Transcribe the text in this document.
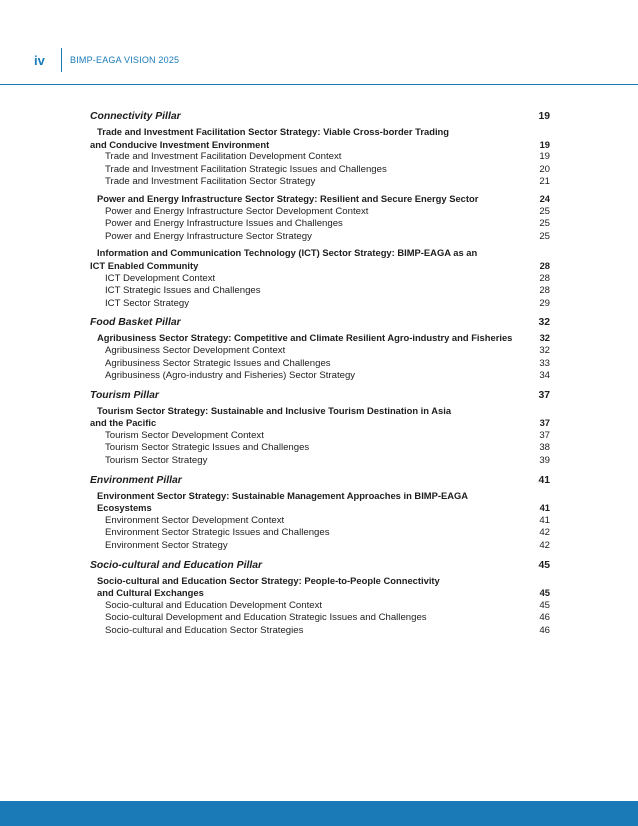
iv	BIMP-EAGA VISION 2025
Connectivity Pillar	19
Trade and Investment Facilitation Sector Strategy: Viable Cross-border Trading
and Conducive Investment Environment	19
Trade and Investment Facilitation Development Context	19
Trade and Investment Facilitation Strategic Issues and Challenges	20
Trade and Investment Facilitation Sector Strategy	21
Power and Energy Infrastructure Sector Strategy: Resilient and Secure Energy Sector	24
Power and Energy Infrastructure Sector Development Context	25
Power and Energy Infrastructure Issues and Challenges	25
Power and Energy Infrastructure Sector Strategy	25
Information and Communication Technology (ICT) Sector Strategy: BIMP-EAGA as an
ICT Enabled Community	28
ICT Development Context	28
ICT Strategic Issues and Challenges	28
ICT Sector Strategy	29
Food Basket Pillar	32
Agribusiness Sector Strategy: Competitive and Climate Resilient Agro-industry and Fisheries	32
Agribusiness Sector Development Context	32
Agribusiness Sector Strategic Issues and Challenges	33
Agribusiness (Agro-industry and Fisheries) Sector Strategy	34
Tourism Pillar	37
Tourism Sector Strategy: Sustainable and Inclusive Tourism Destination in Asia
and the Pacific	37
Tourism Sector Development Context	37
Tourism Sector Strategic Issues and Challenges	38
Tourism Sector Strategy	39
Environment Pillar	41
Environment Sector Strategy: Sustainable Management Approaches in BIMP-EAGA
Ecosystems	41
Environment Sector Development Context	41
Environment Sector Strategic Issues and Challenges	42
Environment Sector Strategy	42
Socio-cultural and Education Pillar	45
Socio-cultural and Education Sector Strategy: People-to-People Connectivity
and Cultural Exchanges	45
Socio-cultural and Education Development Context	45
Socio-cultural Development and Education Strategic Issues and Challenges	46
Socio-cultural and Education Sector Strategies	46
